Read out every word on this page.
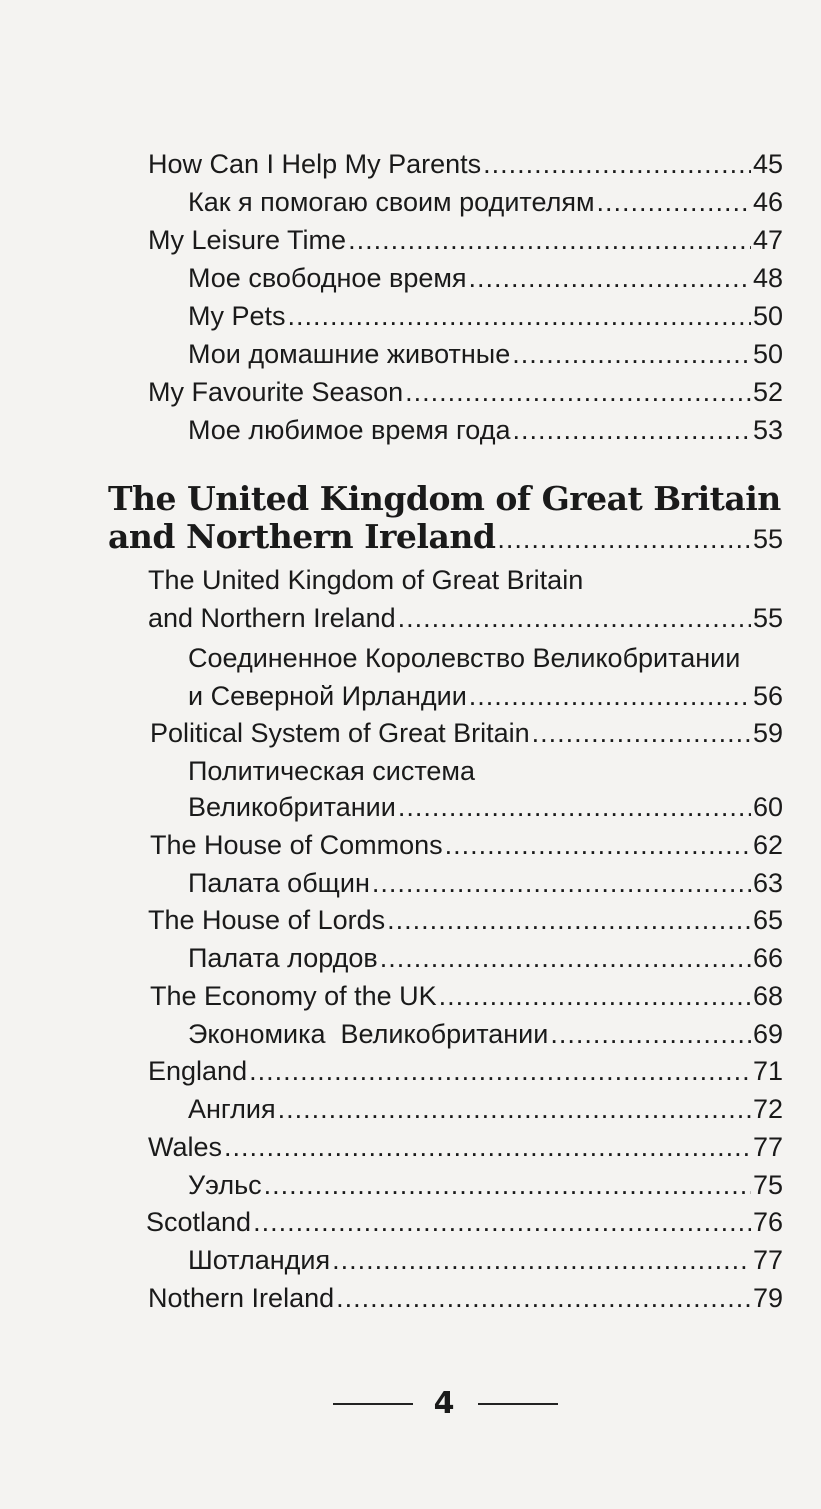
How Can I Help My Parents .....	45
Как я помогаю своим родителям .....	46
My Leisure Time .....	47
Мое свободное время .....	48
My Pets .....	50
Мои домашние животные .....	50
My Favourite Season .....	52
Мое любимое время года .....	53
The United Kingdom of Great Britain
and Northern Ireland .....	55
The United Kingdom of Great Britain
and Northern Ireland .....	55
Соединенное Королевство Великобритании
и Северной Ирландии .....	56
Political System of Great Britain .....	59
Политическая система
Великобритании .....	60
The House of Commons .....	62
Палата общин .....	63
The House of Lords .....	65
Палата лордов .....	66
The Economy of the UK .....	68
Экономика  Великобритании .....	69
England .....	71
Англия .....	72
Wales .....	77
Уэльс .....	75
Scotland .....	76
Шотландия .....	77
Nothern Ireland .....	79
4
